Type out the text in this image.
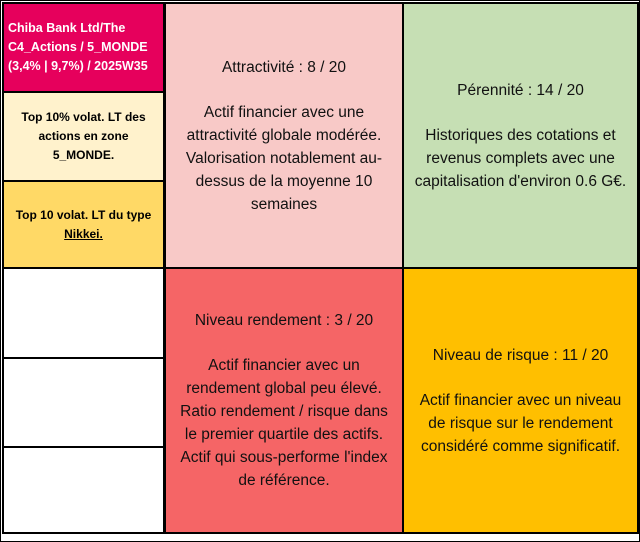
Chiba Bank Ltd/The
C4_Actions / 5_MONDE
(3,4% | 9,7%) / 2025W35
Top 10% volat. LT des actions en zone 5_MONDE.
Top 10 volat. LT du type
Nikkei.
Attractivité : 8 / 20
Actif financier avec une attractivité globale modérée. Valorisation notablement au-dessus de la moyenne 10 semaines
Pérennité : 14 / 20
Historiques des cotations et revenus complets avec une capitalisation d'environ 0.6 G€.
Niveau rendement : 3 / 20
Actif financier avec un rendement global peu élevé. Ratio rendement / risque dans le premier quartile des actifs. Actif qui sous-performe l'index de référence.
Niveau de risque : 11 / 20
Actif financier avec un niveau de risque sur le rendement considéré comme significatif.
